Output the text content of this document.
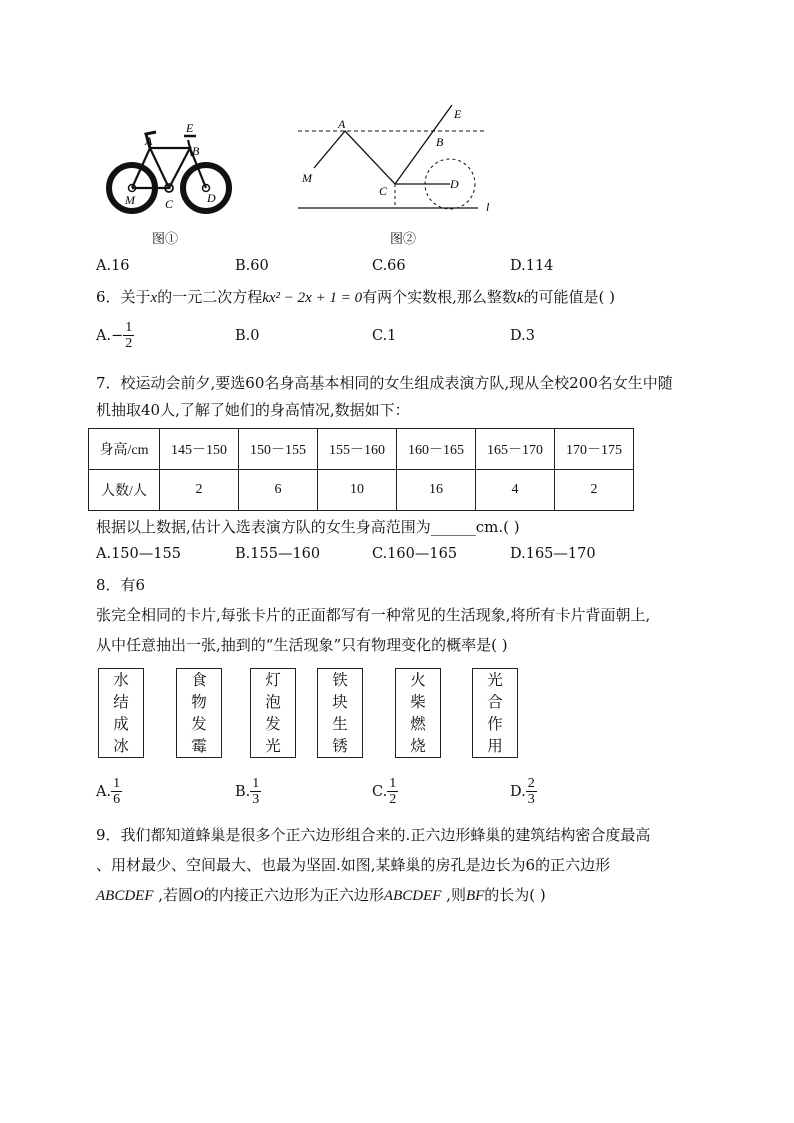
A
E
B
M	C	D
图①
A
E
B
M
C	D
l
图②
A.16	B.60	C.66	D.114
6．关于x的一元二次方程kx² − 2x + 1 = 0有两个实数根,那么整数k的可能值是( )
A. − $\frac{1}{2}$	B.0	C.1	D.3
7．校运动会前夕,要选60名身高基本相同的女生组成表演方队,现从全校200名女生中随
机抽取40人,了解了她们的身高情况,数据如下：
身高/cm	145－150	150－155	155－160	160－165	165－170	170－175
人数/人	2	6	10	16	4	2
根据以上数据,估计入选表演方队的女生身高范围为______cm.( )
A.150—155	B.155—160	C.160—165	D.165—170
8．有6
张完全相同的卡片,每张卡片的正面都写有一种常见的生活现象,将所有卡片背面朝上,
从中任意抽出一张,抽到的“生活现象”只有物理变化的概率是( )
水
结
成
冰
食
物
发
霉
灯
泡
发
光
铁
块
生
锈
火
柴
燃
烧
光
合
作
用
A. $\frac{1}{6}$	B. $\frac{1}{3}$	C. $\frac{1}{2}$	D. $\frac{2}{3}$
9．我们都知道蜂巢是很多个正六边形组合来的.正六边形蜂巢的建筑结构密合度最高
、用材最少、空间最大、也最为坚固.如图,某蜂巢的房孔是边长为6的正六边形
ABCDEF ,若圆O的内接正六边形为正六边形ABCDEF ,则BF的长为( )
